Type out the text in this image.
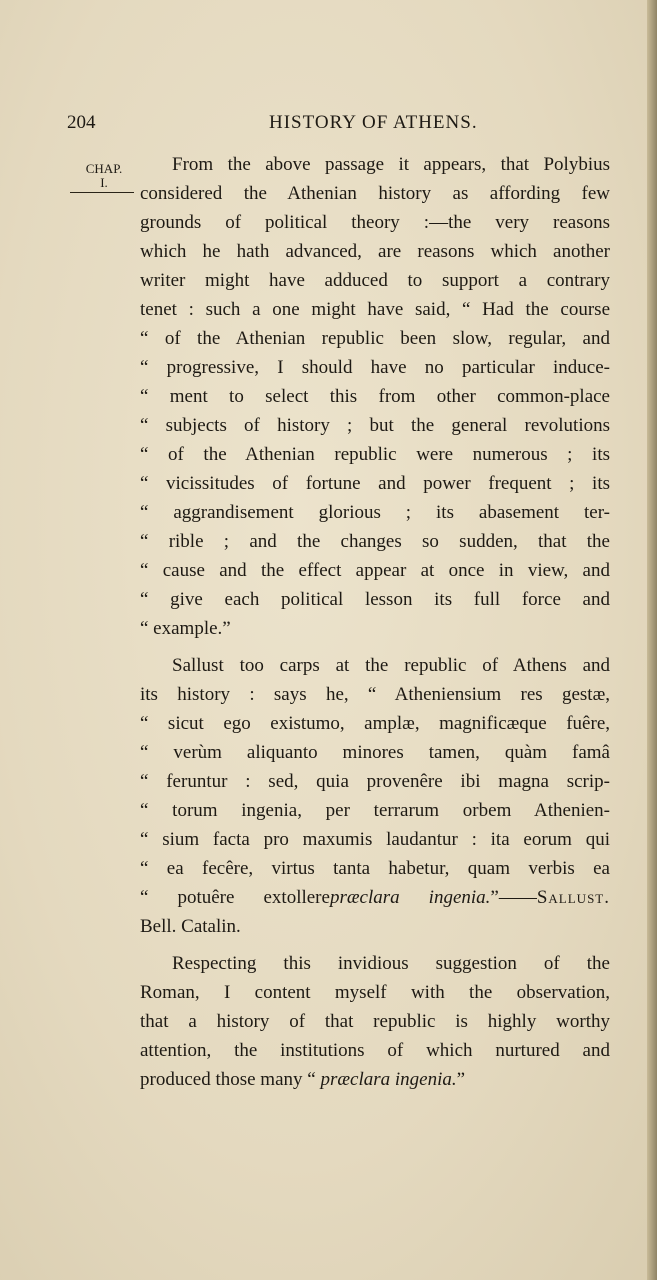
204	HISTORY OF ATHENS.
CHAP.
I.
From the above passage it appears, that Polybius
considered the Athenian history as affording few
grounds of political theory :—the very reasons
which he hath advanced, are reasons which another
writer might have adduced to support a contrary
tenet : such a one might have said, “ Had the course
“ of the Athenian republic been slow, regular, and
“ progressive, I should have no particular induce-
“ ment to select this from other common-place
“ subjects of history ; but the general revolutions
“ of the Athenian republic were numerous ; its
“ vicissitudes of fortune and power frequent ; its
“ aggrandisement glorious ; its abasement ter-
“ rible ; and the changes so sudden, that the
“ cause and the effect appear at once in view, and
“ give each political lesson its full force and
“ example.”
Sallust too carps at the republic of Athens and
its history : says he, “ Atheniensium res gestæ,
“ sicut ego existumo, amplæ, magnificæque fuêre,
“ verùm aliquanto minores tamen, quàm famâ
“ feruntur : sed, quia provenêre ibi magna scrip-
“ torum ingenia, per terrarum orbem Athenien-
“ sium facta pro maxumis laudantur : ita eorum qui
“ ea fecêre, virtus tanta habetur, quam verbis ea
“ potuêre extollerepræclara ingenia.”——Sallust.
Bell. Catalin.
Respecting this invidious suggestion of the
Roman, I content myself with the observation,
that a history of that republic is highly worthy
attention, the institutions of which nurtured and
produced those many “ præclara ingenia.”
